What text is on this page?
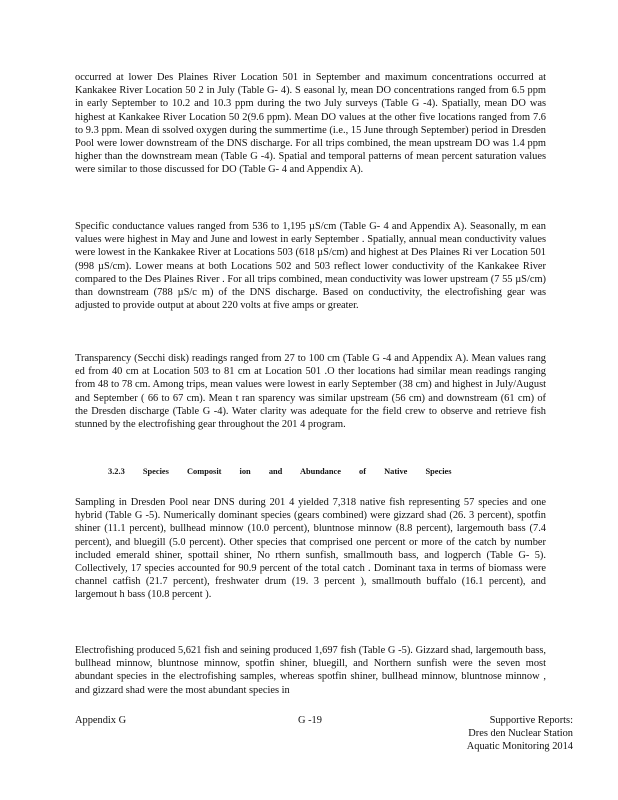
occurred at lower Des Plaines River Location 501 in September and maximum concentrations occurred at Kankakee River Location 50 2 in July (Table G- 4). S easonal ly, mean DO concentrations ranged from 6.5 ppm in early September to 10.2 and 10.3 ppm during the two July surveys (Table G -4). Spatially, mean DO was highest at Kankakee River Location 50 2(9.6 ppm). Mean DO values at the other five locations ranged from 7.6 to 9.3 ppm. Mean di ssolved oxygen during the summertime (i.e., 15 June through September) period in Dresden Pool were lower downstream of the DNS discharge. For all trips combined, the mean upstream DO was 1.4 ppm higher than the downstream mean (Table G -4). Spatial and temporal patterns of mean percent saturation values were similar to those discussed for DO (Table G- 4 and Appendix A).

Specific conductance values ranged from 536 to 1,195 µS/cm (Table G- 4 and Appendix A). Seasonally, m ean values were highest in May and June and lowest in early September . Spatially, annual mean conductivity values were lowest in the Kankakee River at Locations 503 (618 µS/cm) and highest at Des Plaines Ri ver Location 501 (998 µS/cm). Lower means at both Locations 502 and 503 reflect lower conductivity of the Kankakee River compared to the Des Plaines River . For all trips combined, mean conductivity was lower upstream (7 55 µS/cm) than downstream (788 µS/c m) of the DNS discharge. Based on conductivity, the electrofishing gear was adjusted to provide output at about 220 volts at five amps or greater.

Transparency (Secchi disk) readings ranged from 27 to 100 cm (Table G -4 and Appendix A). Mean values rang ed from 40 cm at Location 503 to 81 cm at Location 501 .O ther locations had similar mean readings ranging from 48 to 78 cm. Among trips, mean values were lowest in early September (38 cm) and highest in July/August and September ( 66 to 67 cm). Mean t ran sparency was similar upstream (56 cm) and downstream (61 cm) of the Dresden discharge (Table G -4). Water clarity was adequate for the field crew to observe and retrieve fish stunned by the electrofishing gear throughout the 201 4 program.

3.2.3 Species Composit ion and Abundance of Native Species

Sampling in Dresden Pool near DNS during 201 4 yielded 7,318 native fish representing 57 species and one hybrid (Table G -5). Numerically dominant species (gears combined) were gizzard shad (26. 3 percent), spotfin shiner (11.1 percent), bullhead minnow (10.0 percent), bluntnose minnow (8.8 percent), largemouth bass (7.4 percent), and bluegill (5.0 percent). Other species that comprised one percent or more of the catch by number included emerald shiner, spottail shiner, No rthern sunfish, smallmouth bass, and logperch (Table G- 5). Collectively, 17 species accounted for 90.9 percent of the total catch . Dominant taxa in terms of biomass were channel catfish (21.7 percent), freshwater drum (19. 3 percent ), smallmouth buffalo (16.1 percent), and largemout h bass (10.8 percent ).

Electrofishing produced 5,621 fish and seining produced 1,697 fish (Table G -5). Gizzard shad, largemouth bass, bullhead minnow, bluntnose minnow, spotfin shiner, bluegill, and Northern sunfish were the seven most abundant species in the electrofishing samples, whereas spotfin shiner, bullhead minnow, bluntnose minnow , and gizzard shad were the most abundant species in

Appendix G	G -19	Supportive Reports:
Dres den Nuclear Station
Aquatic Monitoring 2014
